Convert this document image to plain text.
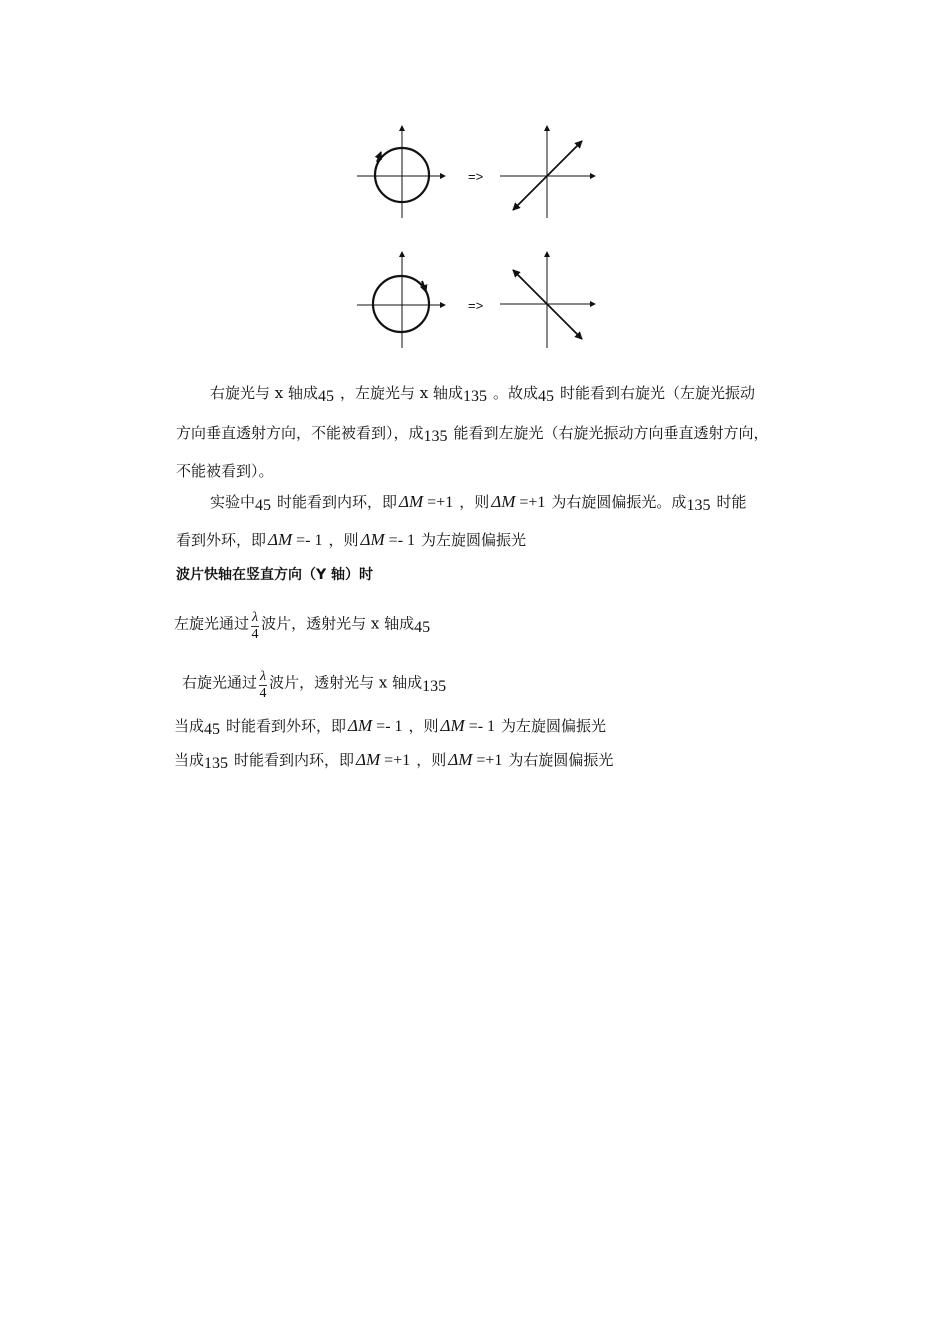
=>
=>
右旋光与 x 轴成45 ，左旋光与 x 轴成135 。故成45 时能看到右旋光（左旋光振动
方向垂直透射方向，不能被看到），成135 能看到左旋光（右旋光振动方向垂直透射方向，
不能被看到）。
实验中45 时能看到内环，即 ΔM =+1 ，则 ΔM =+1 为右旋圆偏振光。成135 时能
看到外环，即 ΔM =- 1 ，则 ΔM =- 1 为左旋圆偏振光
波片快轴在竖直方向（Y 轴）时
左旋光通过 $\frac{\lambda}{4}$ 波片，透射光与 x 轴成45
右旋光通过 $\frac{\lambda}{4}$ 波片，透射光与 x 轴成135
当成45 时能看到外环，即 ΔM =- 1 ，则 ΔM =- 1 为左旋圆偏振光
当成135 时能看到内环，即 ΔM =+1 ，则 ΔM =+1 为右旋圆偏振光
